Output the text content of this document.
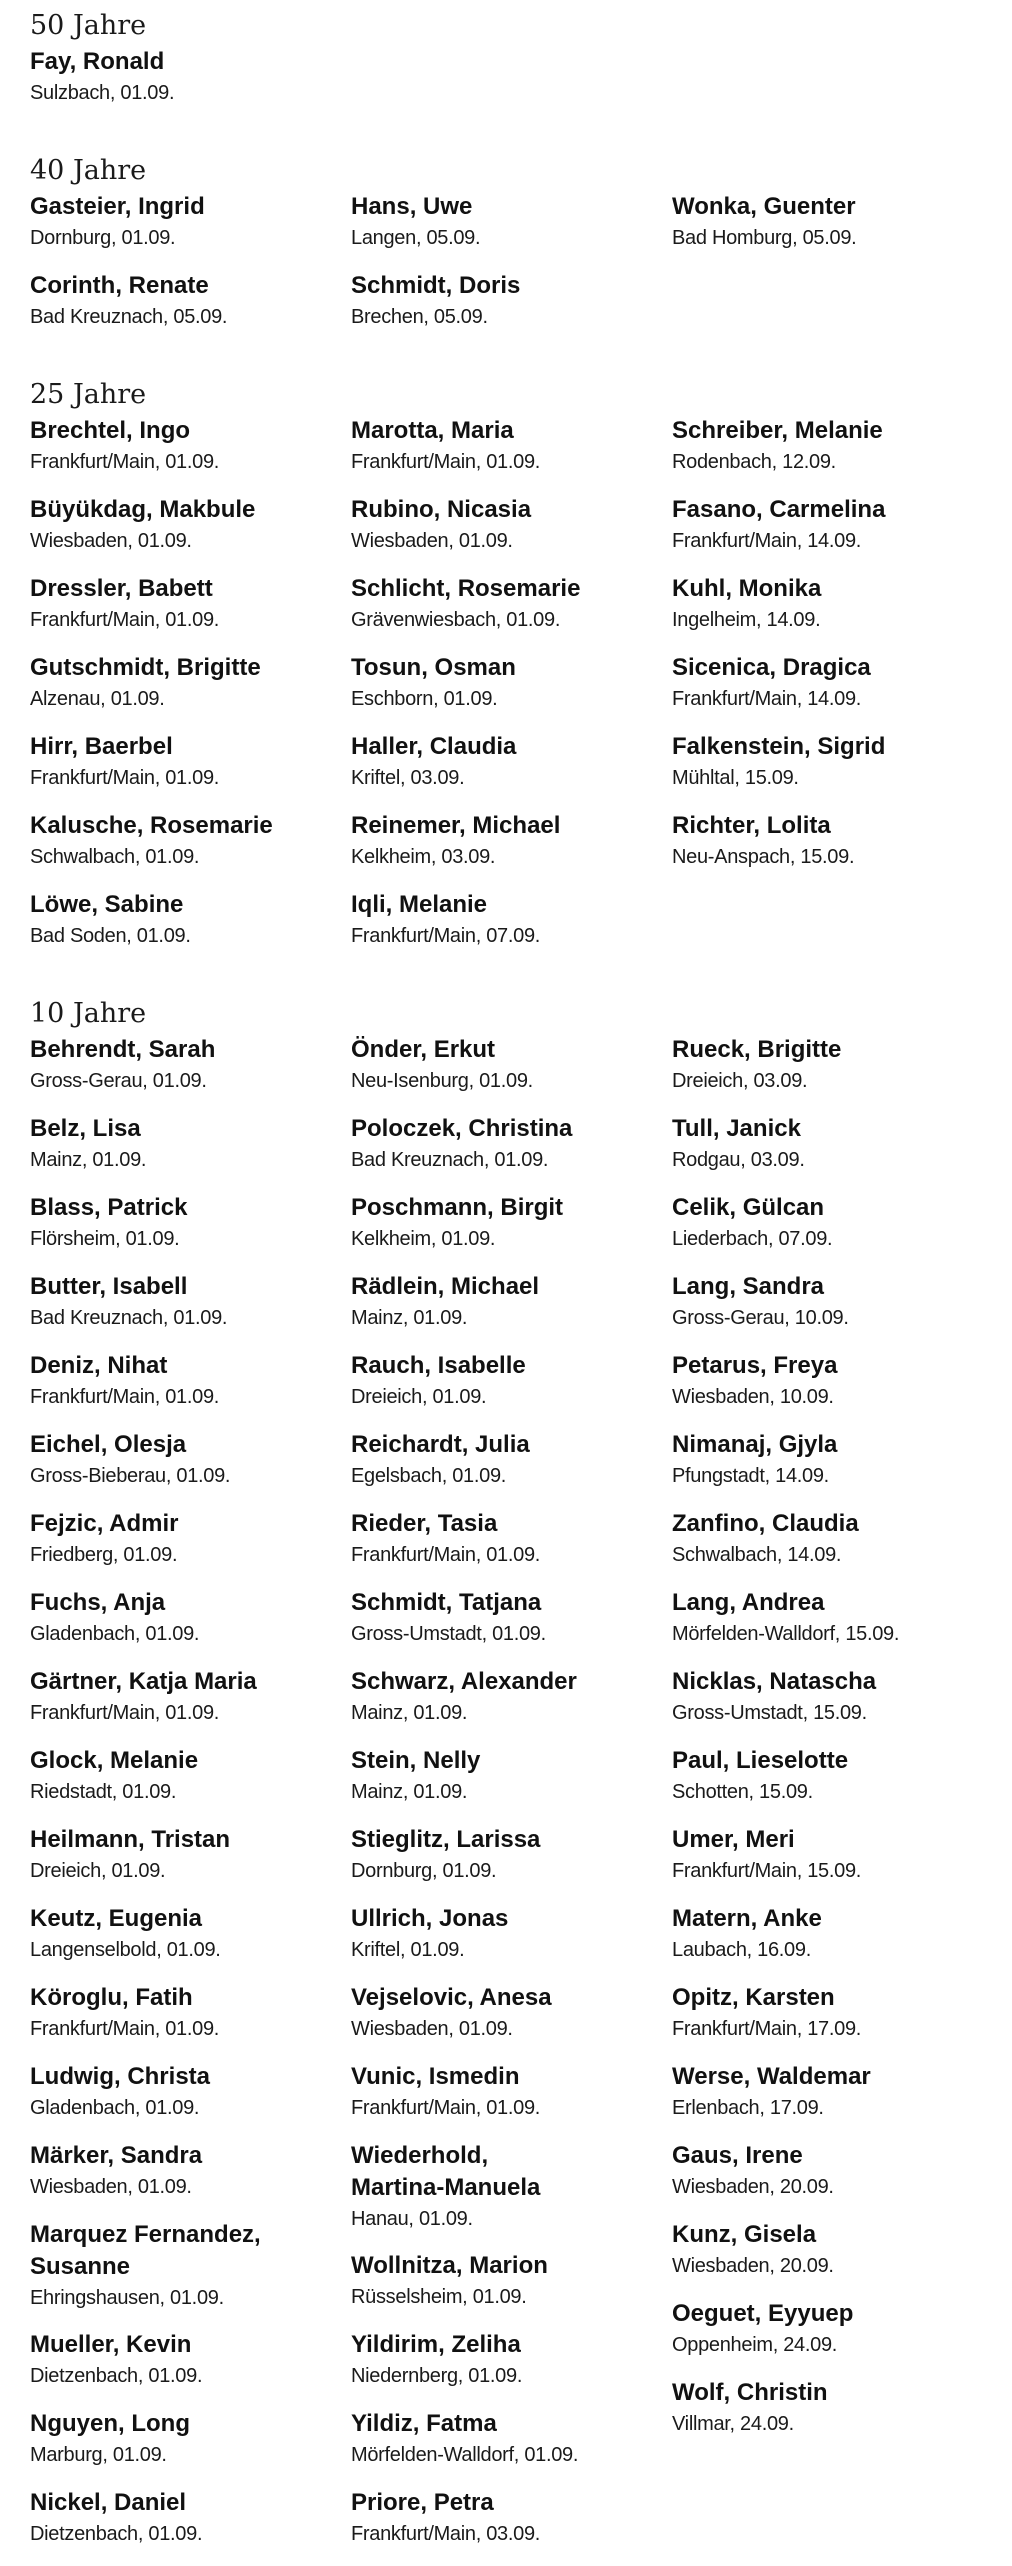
50 Jahre
Fay, Ronald
Sulzbach, 01.09.
40 Jahre
Gasteier, Ingrid
Dornburg, 01.09.
Corinth, Renate
Bad Kreuznach, 05.09.
Hans, Uwe
Langen, 05.09.
Schmidt, Doris
Brechen, 05.09.
Wonka, Guenter
Bad Homburg, 05.09.
25 Jahre
Brechtel, Ingo
Frankfurt/Main, 01.09.
Büyükdag, Makbule
Wiesbaden, 01.09.
Dressler, Babett
Frankfurt/Main, 01.09.
Gutschmidt, Brigitte
Alzenau, 01.09.
Hirr, Baerbel
Frankfurt/Main, 01.09.
Kalusche, Rosemarie
Schwalbach, 01.09.
Löwe, Sabine
Bad Soden, 01.09.
Marotta, Maria
Frankfurt/Main, 01.09.
Rubino, Nicasia
Wiesbaden, 01.09.
Schlicht, Rosemarie
Grävenwiesbach, 01.09.
Tosun, Osman
Eschborn, 01.09.
Haller, Claudia
Kriftel, 03.09.
Reinemer, Michael
Kelkheim, 03.09.
Iqli, Melanie
Frankfurt/Main, 07.09.
Schreiber, Melanie
Rodenbach, 12.09.
Fasano, Carmelina
Frankfurt/Main, 14.09.
Kuhl, Monika
Ingelheim, 14.09.
Sicenica, Dragica
Frankfurt/Main, 14.09.
Falkenstein, Sigrid
Mühltal, 15.09.
Richter, Lolita
Neu-Anspach, 15.09.
10 Jahre
Behrendt, Sarah
Gross-Gerau, 01.09.
Belz, Lisa
Mainz, 01.09.
Blass, Patrick
Flörsheim, 01.09.
Butter, Isabell
Bad Kreuznach, 01.09.
Deniz, Nihat
Frankfurt/Main, 01.09.
Eichel, Olesja
Gross-Bieberau, 01.09.
Fejzic, Admir
Friedberg, 01.09.
Fuchs, Anja
Gladenbach, 01.09.
Gärtner, Katja Maria
Frankfurt/Main, 01.09.
Glock, Melanie
Riedstadt, 01.09.
Heilmann, Tristan
Dreieich, 01.09.
Keutz, Eugenia
Langenselbold, 01.09.
Köroglu, Fatih
Frankfurt/Main, 01.09.
Ludwig, Christa
Gladenbach, 01.09.
Märker, Sandra
Wiesbaden, 01.09.
Marquez Fernandez,
Susanne
Ehringshausen, 01.09.
Mueller, Kevin
Dietzenbach, 01.09.
Nguyen, Long
Marburg, 01.09.
Nickel, Daniel
Dietzenbach, 01.09.
Önder, Erkut
Neu-Isenburg, 01.09.
Poloczek, Christina
Bad Kreuznach, 01.09.
Poschmann, Birgit
Kelkheim, 01.09.
Rädlein, Michael
Mainz, 01.09.
Rauch, Isabelle
Dreieich, 01.09.
Reichardt, Julia
Egelsbach, 01.09.
Rieder, Tasia
Frankfurt/Main, 01.09.
Schmidt, Tatjana
Gross-Umstadt, 01.09.
Schwarz, Alexander
Mainz, 01.09.
Stein, Nelly
Mainz, 01.09.
Stieglitz, Larissa
Dornburg, 01.09.
Ullrich, Jonas
Kriftel, 01.09.
Vejselovic, Anesa
Wiesbaden, 01.09.
Vunic, Ismedin
Frankfurt/Main, 01.09.
Wiederhold,
Martina-Manuela
Hanau, 01.09.
Wollnitza, Marion
Rüsselsheim, 01.09.
Yildirim, Zeliha
Niedernberg, 01.09.
Yildiz, Fatma
Mörfelden-Walldorf, 01.09.
Priore, Petra
Frankfurt/Main, 03.09.
Rueck, Brigitte
Dreieich, 03.09.
Tull, Janick
Rodgau, 03.09.
Celik, Gülcan
Liederbach, 07.09.
Lang, Sandra
Gross-Gerau, 10.09.
Petarus, Freya
Wiesbaden, 10.09.
Nimanaj, Gjyla
Pfungstadt, 14.09.
Zanfino, Claudia
Schwalbach, 14.09.
Lang, Andrea
Mörfelden-Walldorf, 15.09.
Nicklas, Natascha
Gross-Umstadt, 15.09.
Paul, Lieselotte
Schotten, 15.09.
Umer, Meri
Frankfurt/Main, 15.09.
Matern, Anke
Laubach, 16.09.
Opitz, Karsten
Frankfurt/Main, 17.09.
Werse, Waldemar
Erlenbach, 17.09.
Gaus, Irene
Wiesbaden, 20.09.
Kunz, Gisela
Wiesbaden, 20.09.
Oeguet, Eyyuep
Oppenheim, 24.09.
Wolf, Christin
Villmar, 24.09.
